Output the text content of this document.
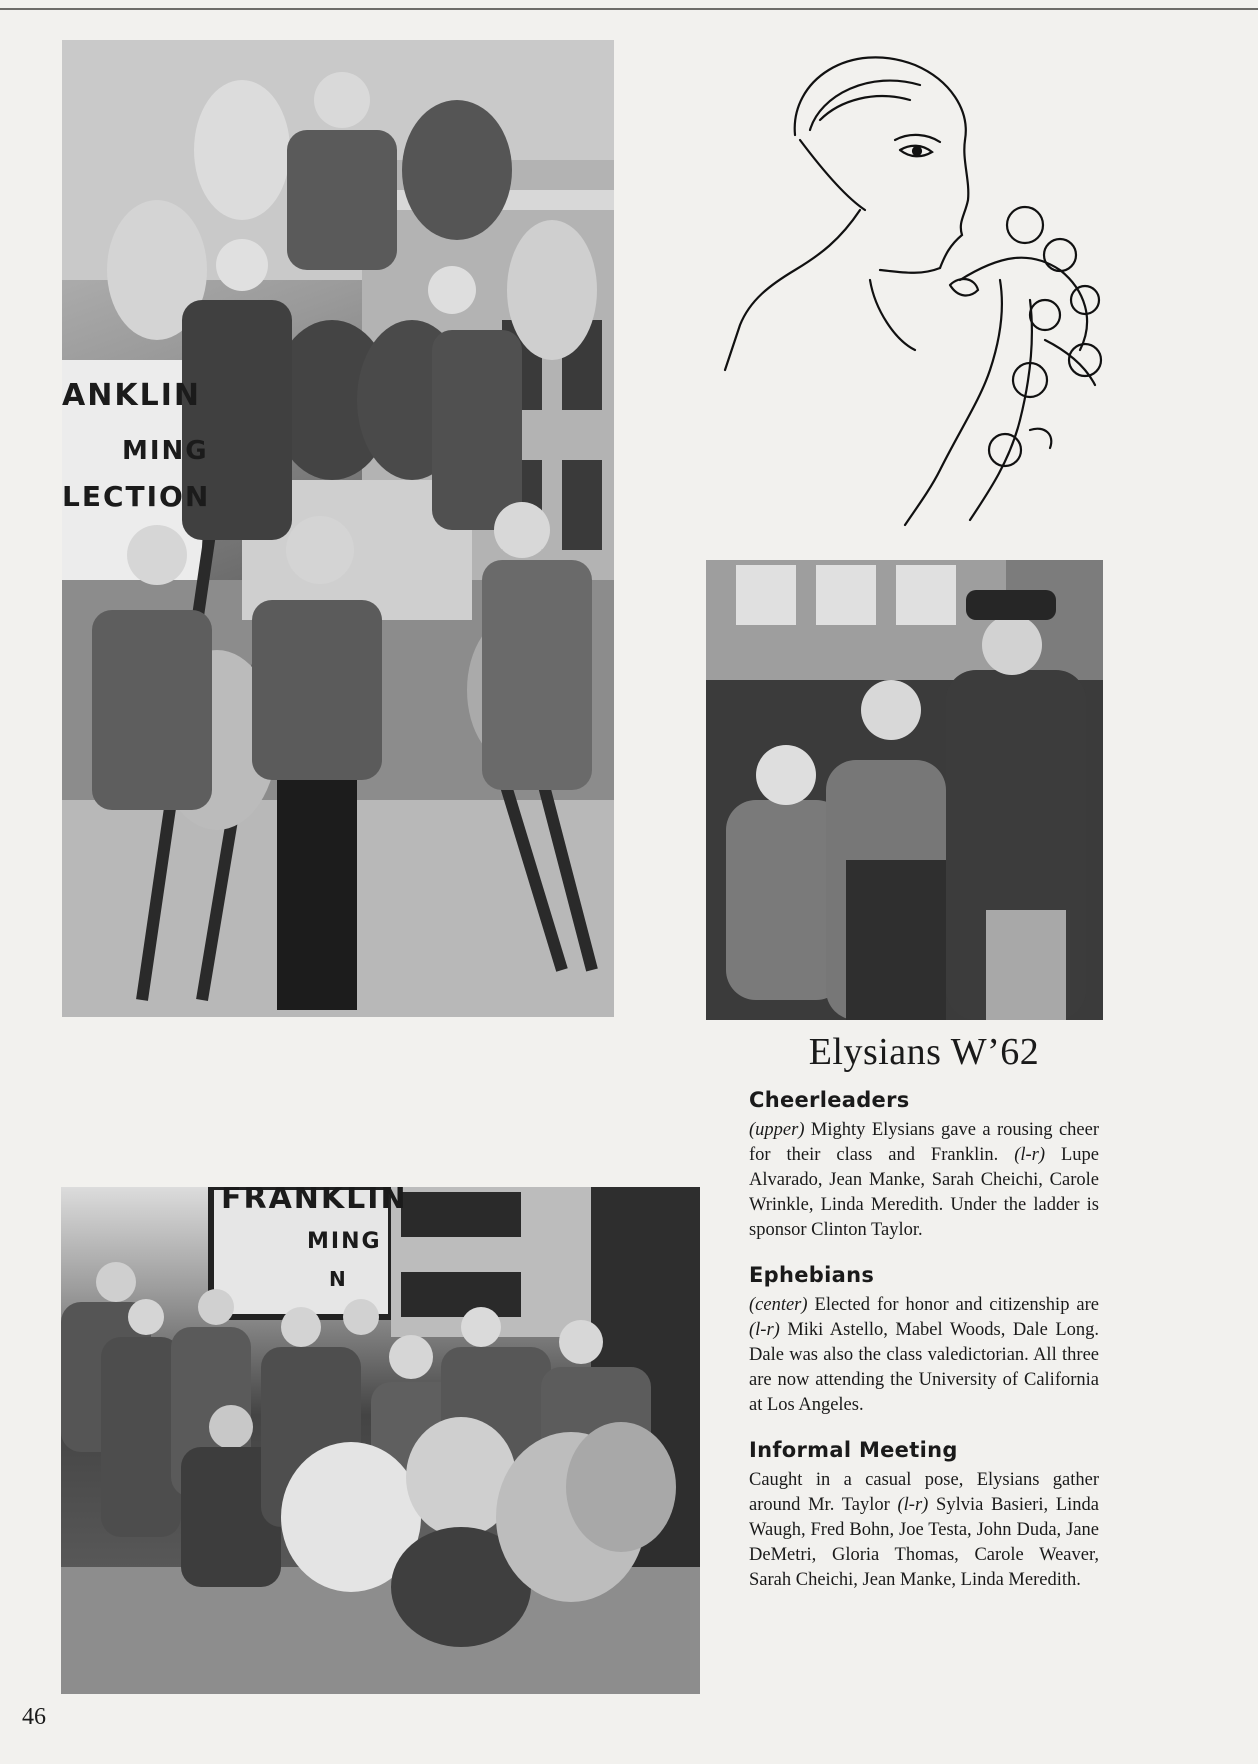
ANKLIN
MING
LECTION
FRANKLIN
MING
N
Elysians W’62
Cheerleaders

(upper) Mighty Elysians gave a rousing cheer for their class and Franklin. (l-r) Lupe Alvarado, Jean Manke, Sarah Cheichi, Carole Wrinkle, Linda Meredith. Under the ladder is sponsor Clinton Taylor.

Ephebians

(center) Elected for honor and citizenship are (l-r) Miki Astello, Mabel Woods, Dale Long. Dale was also the class valedictorian. All three are now attending the University of California at Los Angeles.

Informal Meeting

Caught in a casual pose, Elysians gather around Mr. Taylor (l-r) Sylvia Basieri, Linda Waugh, Fred Bohn, Joe Testa, John Duda, Jane DeMetri, Gloria Thomas, Carole Weaver, Sarah Cheichi, Jean Manke, Linda Meredith.

46
